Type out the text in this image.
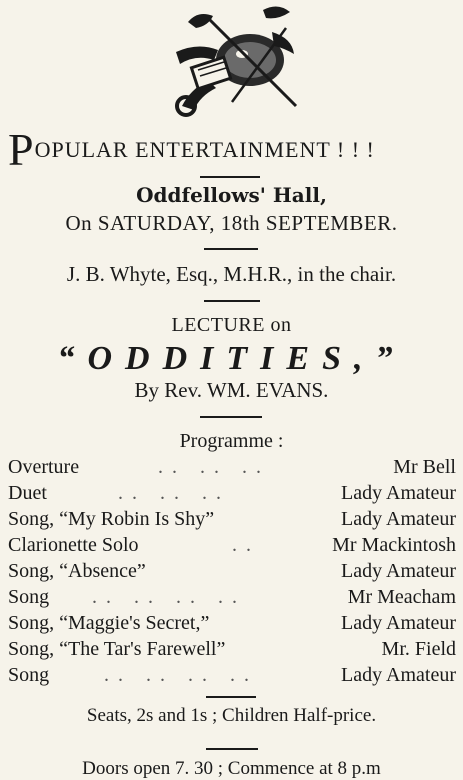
POPULAR ENTERTAINMENT ! ! !
Oddfellows' Hall,
On SATURDAY, 18th SEPTEMBER.
J. B. Whyte, Esq., M.H.R., in the chair.
LECTURE on
“ODDITIES,”
By Rev. WM. EVANS.
Programme :
Overture	.. .. ..	Mr Bell
Duet	.. .. ..	Lady Amateur
Song, “My Robin Is Shy”	Lady Amateur
Clarionette Solo	..	Mr Mackintosh
Song, “Absence”	Lady Amateur
Song .. .. .. ..	Mr Meacham
Song, “Maggie's Secret,”	Lady Amateur
Song, “The Tar's Farewell”	Mr. Field
Song	.. .. .. ..	Lady Amateur
Seats, 2s and 1s ; Children Half-price.
Doors open 7. 30 ; Commence at 8 p.m
